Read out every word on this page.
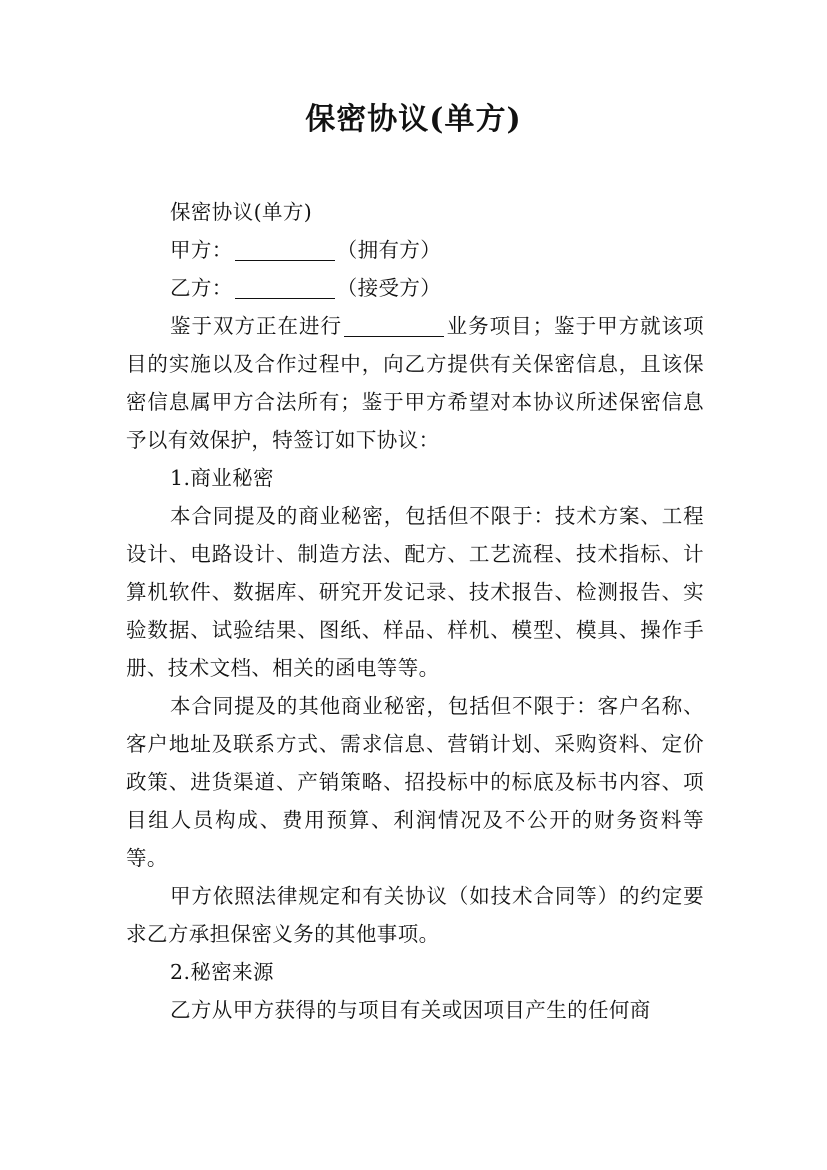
保密协议(单方)

保密协议(单方)

甲方：	（拥有方）

乙方：	（接受方）

鉴于双方正在进行	业务项目；鉴于甲方就该项目的实施以及合作过程中，向乙方提供有关保密信息，且该保密信息属甲方合法所有；鉴于甲方希望对本协议所述保密信息予以有效保护，特签订如下协议：

1.商业秘密

本合同提及的商业秘密，包括但不限于：技术方案、工程设计、电路设计、制造方法、配方、工艺流程、技术指标、计算机软件、数据库、研究开发记录、技术报告、检测报告、实验数据、试验结果、图纸、样品、样机、模型、模具、操作手册、技术文档、相关的函电等等。

本合同提及的其他商业秘密，包括但不限于：客户名称、客户地址及联系方式、需求信息、营销计划、采购资料、定价政策、进货渠道、产销策略、招投标中的标底及标书内容、项目组人员构成、费用预算、利润情况及不公开的财务资料等等。

甲方依照法律规定和有关协议（如技术合同等）的约定要求乙方承担保密义务的其他事项。

2.秘密来源

乙方从甲方获得的与项目有关或因项目产生的任何商
